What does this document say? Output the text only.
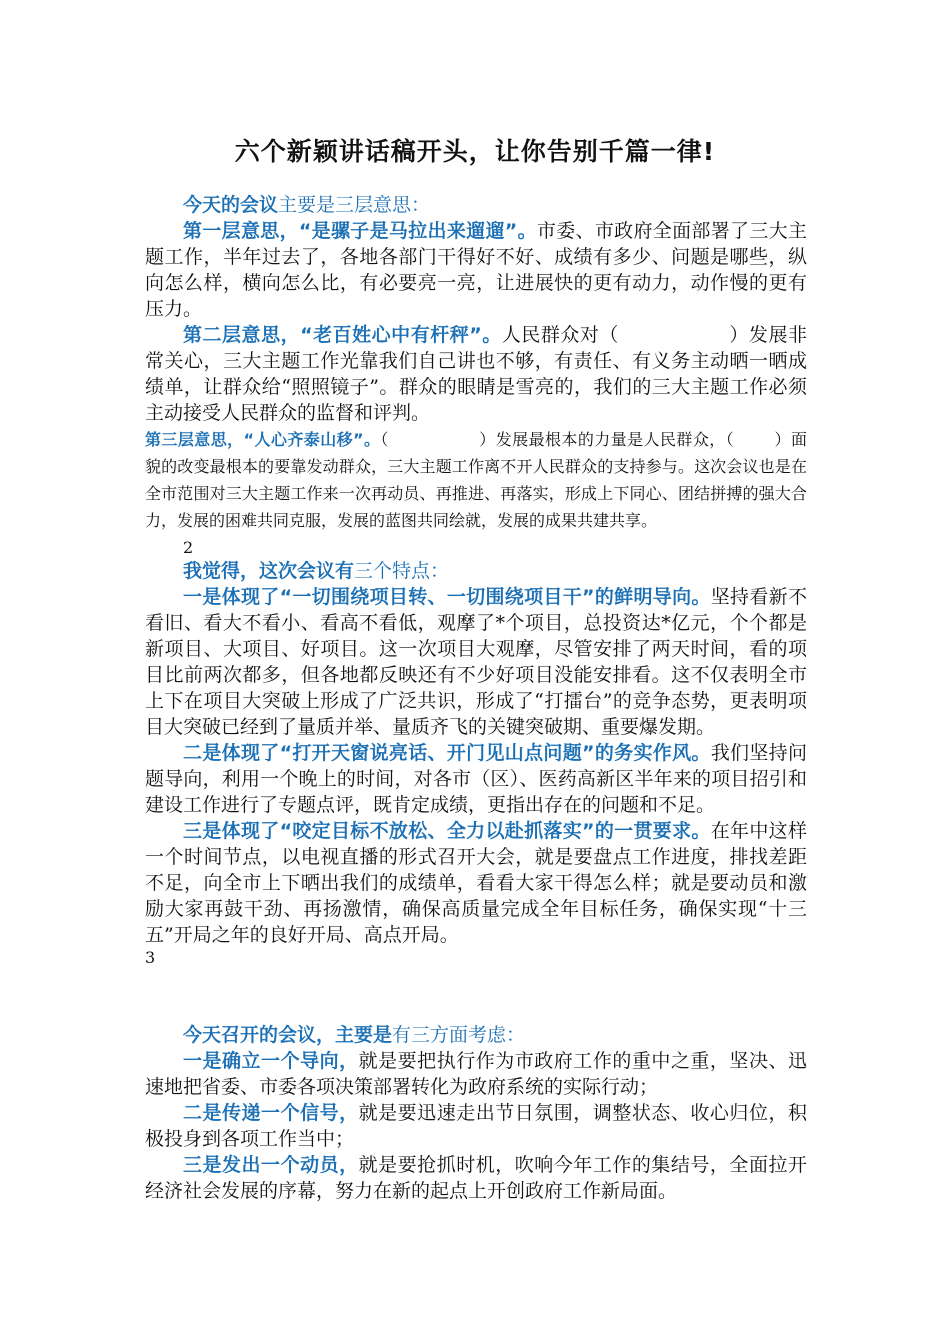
六个新颖讲话稿开头，让你告别千篇一律!

今天的会议主要是三层意思：

第一层意思，“是骡子是马拉出来遛遛”。市委、市政府全面部署了三大主题工作，半年过去了，各地各部门干得好不好、成绩有多少、问题是哪些，纵向怎么样，横向怎么比，有必要亮一亮，让进展快的更有动力，动作慢的更有压力。

第二层意思，“老百姓心中有杆秤”。人民群众对（	）发展非常关心，三大主题工作光靠我们自己讲也不够，有责任、有义务主动晒一晒成绩单，让群众给“照照镜子”。群众的眼睛是雪亮的，我们的三大主题工作必须主动接受人民群众的监督和评判。

第三层意思，“人心齐泰山移”。（	）发展最根本的力量是人民群众，（	）面貌的改变最根本的要靠发动群众，三大主题工作离不开人民群众的支持参与。这次会议也是在全市范围对三大主题工作来一次再动员、再推进、再落实，形成上下同心、团结拼搏的强大合力，发展的困难共同克服，发展的蓝图共同绘就，发展的成果共建共享。

2

我觉得，这次会议有三个特点：

一是体现了“一切围绕项目转、一切围绕项目干”的鲜明导向。坚持看新不看旧、看大不看小、看高不看低，观摩了*个项目，总投资达*亿元，个个都是新项目、大项目、好项目。这一次项目大观摩，尽管安排了两天时间，看的项目比前两次都多，但各地都反映还有不少好项目没能安排看。这不仅表明全市上下在项目大突破上形成了广泛共识，形成了“打擂台”的竞争态势，更表明项目大突破已经到了量质并举、量质齐飞的关键突破期、重要爆发期。

二是体现了“打开天窗说亮话、开门见山点问题”的务实作风。我们坚持问题导向，利用一个晚上的时间，对各市（区）、医药高新区半年来的项目招引和建设工作进行了专题点评，既肯定成绩，更指出存在的问题和不足。

三是体现了“咬定目标不放松、全力以赴抓落实”的一贯要求。在年中这样一个时间节点，以电视直播的形式召开大会，就是要盘点工作进度，排找差距不足，向全市上下晒出我们的成绩单，看看大家干得怎么样；就是要动员和激励大家再鼓干劲、再扬激情，确保高质量完成全年目标任务，确保实现“十三五”开局之年的良好开局、高点开局。

3

今天召开的会议，主要是有三方面考虑：

一是确立一个导向，就是要把执行作为市政府工作的重中之重，坚决、迅速地把省委、市委各项决策部署转化为政府系统的实际行动；

二是传递一个信号，就是要迅速走出节日氛围，调整状态、收心归位，积极投身到各项工作当中；

三是发出一个动员，就是要抢抓时机，吹响今年工作的集结号，全面拉开经济社会发展的序幕，努力在新的起点上开创政府工作新局面。
